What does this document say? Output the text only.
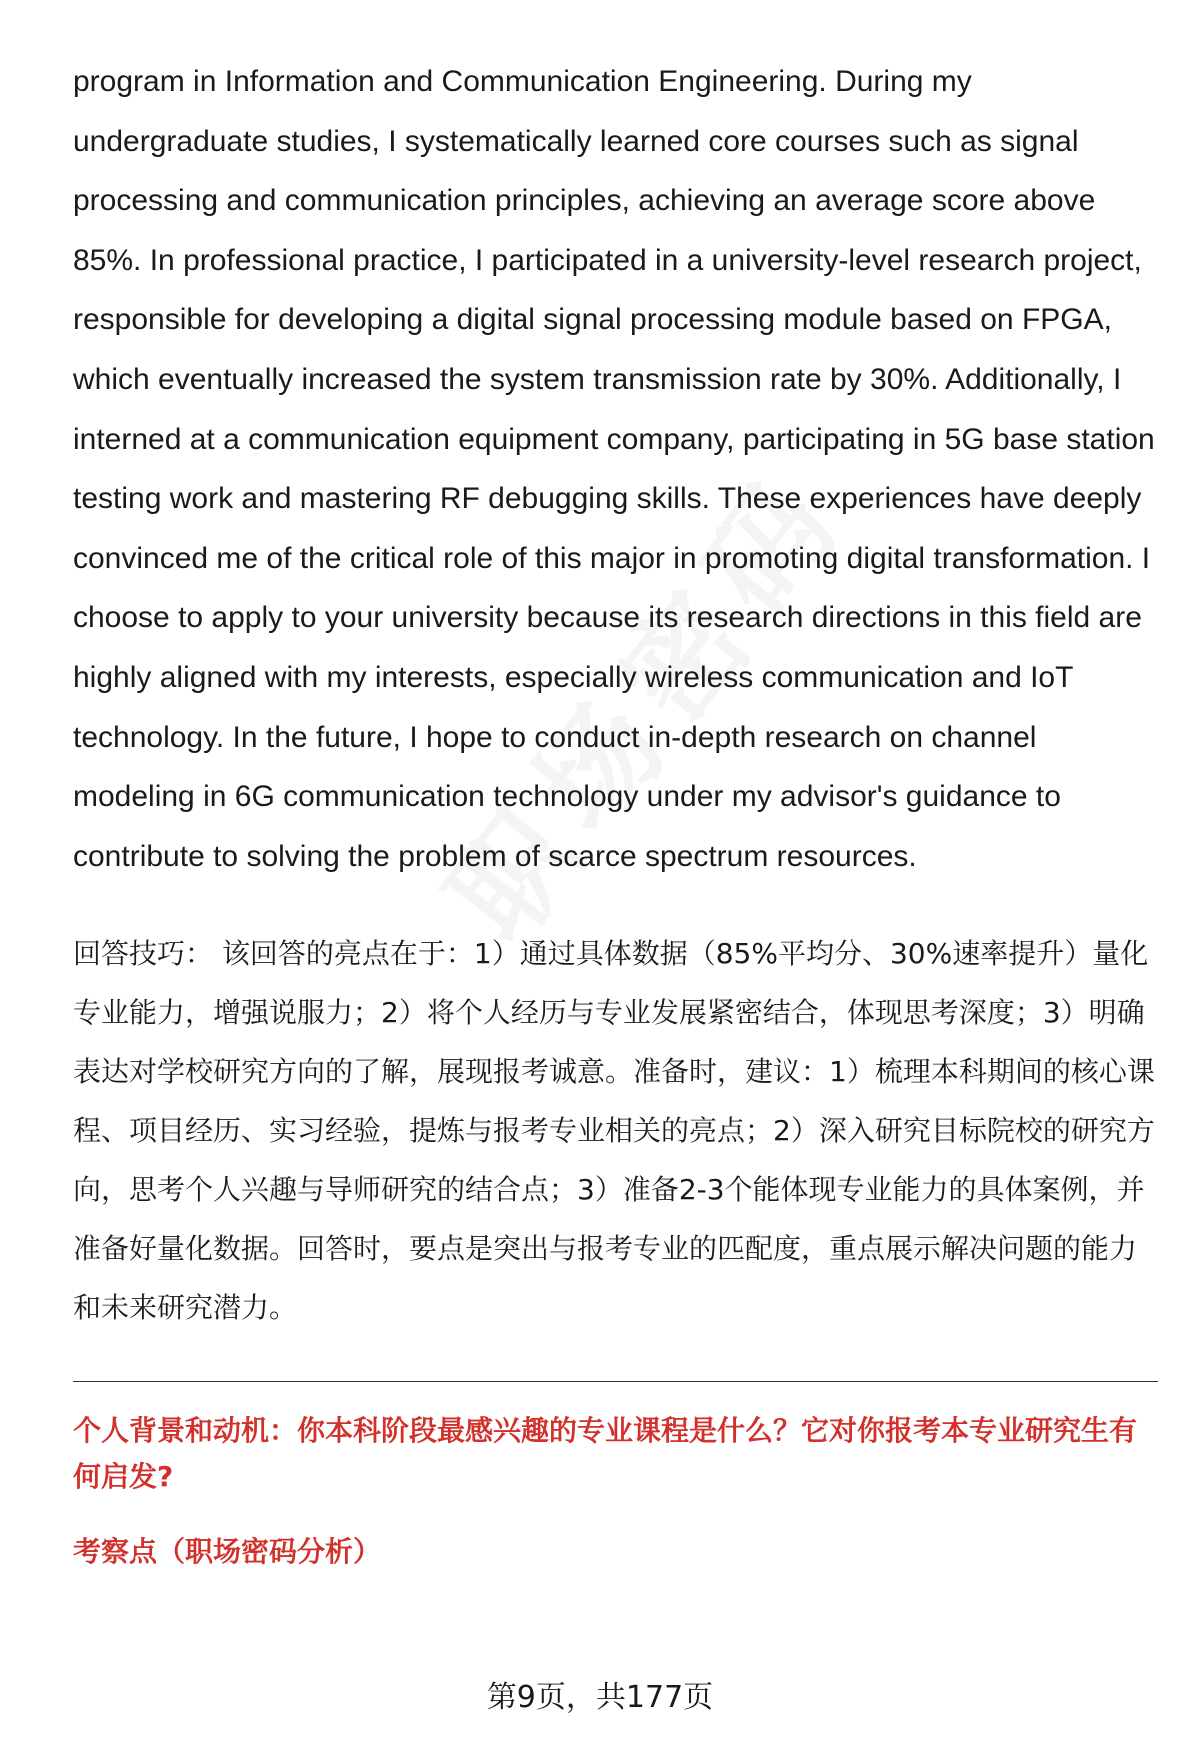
program in Information and Communication Engineering. During my undergraduate studies, I systematically learned core courses such as signal processing and communication principles, achieving an average score above 85%. In professional practice, I participated in a university-level research project, responsible for developing a digital signal processing module based on FPGA, which eventually increased the system transmission rate by 30%. Additionally, I interned at a communication equipment company, participating in 5G base station testing work and mastering RF debugging skills. These experiences have deeply convinced me of the critical role of this major in promoting digital transformation. I choose to apply to your university because its research directions in this field are highly aligned with my interests, especially wireless communication and IoT technology. In the future, I hope to conduct in-depth research on channel modeling in 6G communication technology under my advisor's guidance to contribute to solving the problem of scarce spectrum resources.

回答技巧： 该回答的亮点在于：1）通过具体数据（85%平均分、30%速率提升）量化专业能力，增强说服力；2）将个人经历与专业发展紧密结合，体现思考深度；3）明确表达对学校研究方向的了解，展现报考诚意。准备时，建议：1）梳理本科期间的核心课程、项目经历、实习经验，提炼与报考专业相关的亮点；2）深入研究目标院校的研究方向，思考个人兴趣与导师研究的结合点；3）准备2-3个能体现专业能力的具体案例，并准备好量化数据。回答时，要点是突出与报考专业的匹配度，重点展示解决问题的能力和未来研究潜力。

个人背景和动机：你本科阶段最感兴趣的专业课程是什么？它对你报考本专业研究生有何启发?

考察点（职场密码分析）

第9页，共177页
